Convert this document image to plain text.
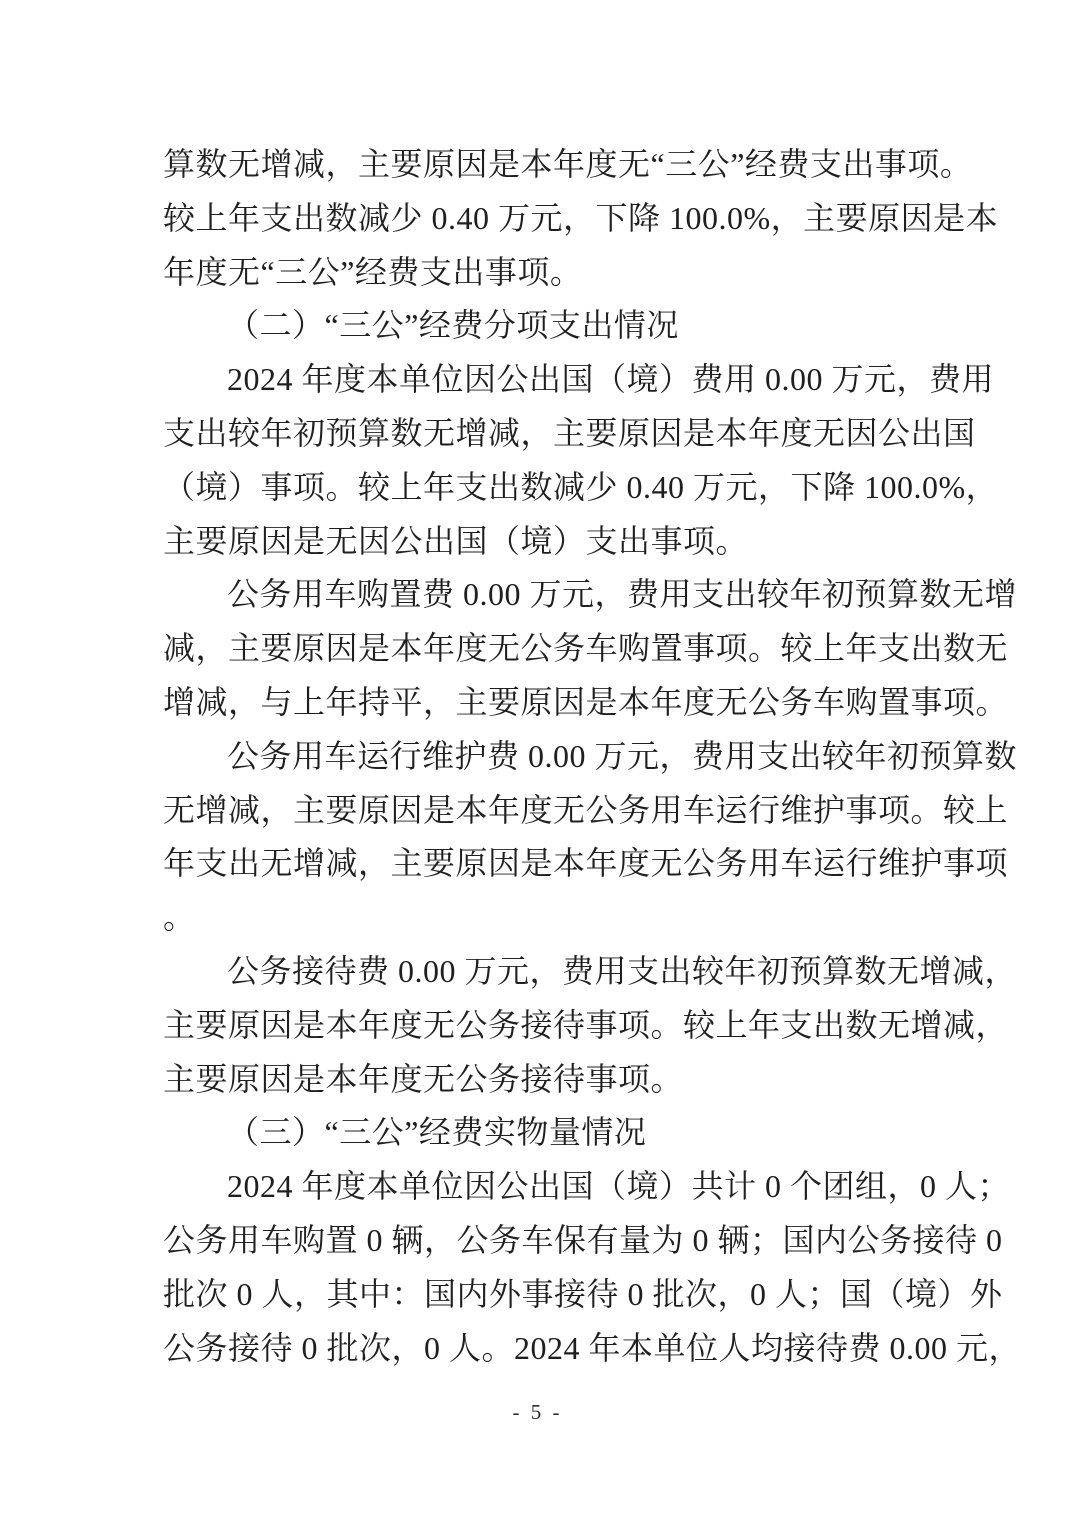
算数无增减，主要原因是本年度无“三公”经费支出事项。
较上年支出数减少 0.40 万元，下降 100.0%，主要原因是本
年度无“三公”经费支出事项。
（二）“三公”经费分项支出情况
2024 年度本单位因公出国（境）费用 0.00 万元，费用
支出较年初预算数无增减，主要原因是本年度无因公出国
（境）事项。较上年支出数减少 0.40 万元，下降 100.0%，
主要原因是无因公出国（境）支出事项。
公务用车购置费 0.00 万元，费用支出较年初预算数无增
减，主要原因是本年度无公务车购置事项。较上年支出数无
增减，与上年持平，主要原因是本年度无公务车购置事项。
公务用车运行维护费 0.00 万元，费用支出较年初预算数
无增减，主要原因是本年度无公务用车运行维护事项。较上
年支出无增减，主要原因是本年度无公务用车运行维护事项
。
公务接待费 0.00 万元，费用支出较年初预算数无增减，
主要原因是本年度无公务接待事项。较上年支出数无增减，
主要原因是本年度无公务接待事项。
（三）“三公”经费实物量情况
2024 年度本单位因公出国（境）共计 0 个团组，0 人；
公务用车购置 0 辆，公务车保有量为 0 辆；国内公务接待 0
批次 0 人，其中：国内外事接待 0 批次，0 人；国（境）外
公务接待 0 批次，0 人。2024 年本单位人均接待费 0.00 元，
- 5 -
